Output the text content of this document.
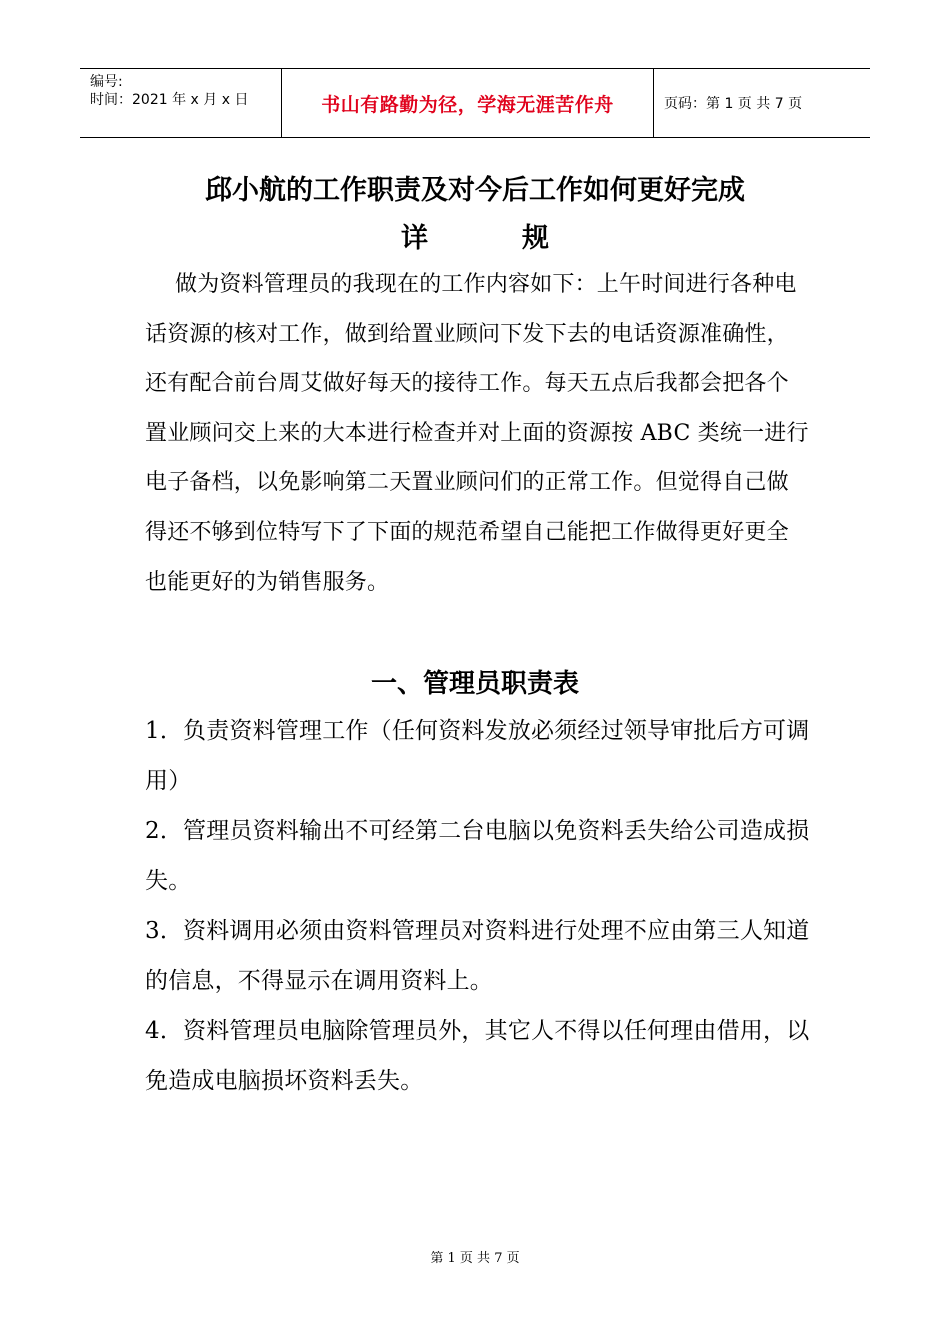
编号:
时间：2021 年 x 月 x 日	书山有路勤为径，学海无涯苦作舟	页码：第 1 页 共 7 页
邱小航的工作职责及对今后工作如何更好完成
详	规
做为资料管理员的我现在的工作内容如下：上午时间进行各种电话资源的核对工作，做到给置业顾问下发下去的电话资源准确性，还有配合前台周艾做好每天的接待工作。每天五点后我都会把各个置业顾问交上来的大本进行检查并对上面的资源按 ABC 类统一进行电子备档，以免影响第二天置业顾问们的正常工作。但觉得自己做得还不够到位特写下了下面的规范希望自己能把工作做得更好更全也能更好的为销售服务。
一、管理员职责表

1．负责资料管理工作（任何资料发放必须经过领导审批后方可调用）

2．管理员资料输出不可经第二台电脑以免资料丢失给公司造成损失。

3．资料调用必须由资料管理员对资料进行处理不应由第三人知道的信息，不得显示在调用资料上。

4．资料管理员电脑除管理员外，其它人不得以任何理由借用，以免造成电脑损坏资料丢失。

第 1 页 共 7 页
